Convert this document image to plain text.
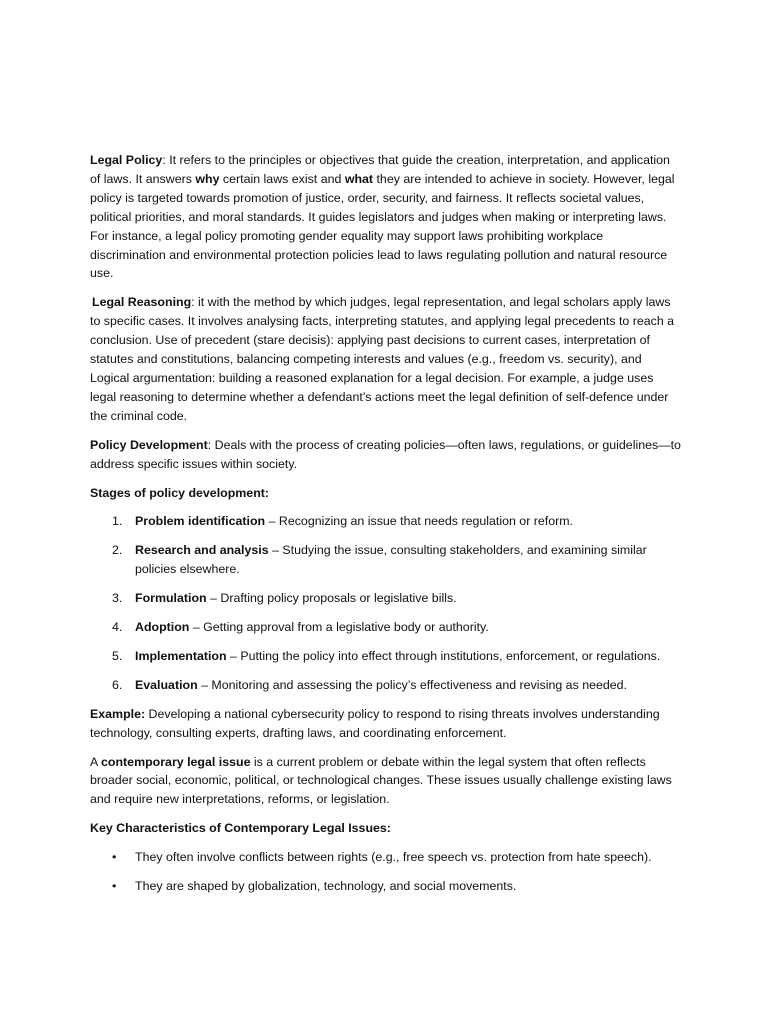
Legal Policy: It refers to the principles or objectives that guide the creation, interpretation, and application of laws. It answers why certain laws exist and what they are intended to achieve in society. However, legal policy is targeted towards promotion of justice, order, security, and fairness. It reflects societal values, political priorities, and moral standards. It guides legislators and judges when making or interpreting laws. For instance, a legal policy promoting gender equality may support laws prohibiting workplace discrimination and environmental protection policies lead to laws regulating pollution and natural resource use.

Legal Reasoning: it with the method by which judges, legal representation, and legal scholars apply laws to specific cases. It involves analysing facts, interpreting statutes, and applying legal precedents to reach a conclusion. Use of precedent (stare decisis): applying past decisions to current cases, interpretation of statutes and constitutions, balancing competing interests and values (e.g., freedom vs. security), and Logical argumentation: building a reasoned explanation for a legal decision. For example, a judge uses legal reasoning to determine whether a defendant’s actions meet the legal definition of self-defence under the criminal code.

Policy Development: Deals with the process of creating policies—often laws, regulations, or guidelines—to address specific issues within society.

Stages of policy development:

1. Problem identification – Recognizing an issue that needs regulation or reform.
2. Research and analysis – Studying the issue, consulting stakeholders, and examining similar policies elsewhere.
3. Formulation – Drafting policy proposals or legislative bills.
4. Adoption – Getting approval from a legislative body or authority.
5. Implementation – Putting the policy into effect through institutions, enforcement, or regulations.
6. Evaluation – Monitoring and assessing the policy’s effectiveness and revising as needed.

Example: Developing a national cybersecurity policy to respond to rising threats involves understanding technology, consulting experts, drafting laws, and coordinating enforcement.

A contemporary legal issue is a current problem or debate within the legal system that often reflects broader social, economic, political, or technological changes. These issues usually challenge existing laws and require new interpretations, reforms, or legislation.

Key Characteristics of Contemporary Legal Issues:

• They often involve conflicts between rights (e.g., free speech vs. protection from hate speech).
• They are shaped by globalization, technology, and social movements.
